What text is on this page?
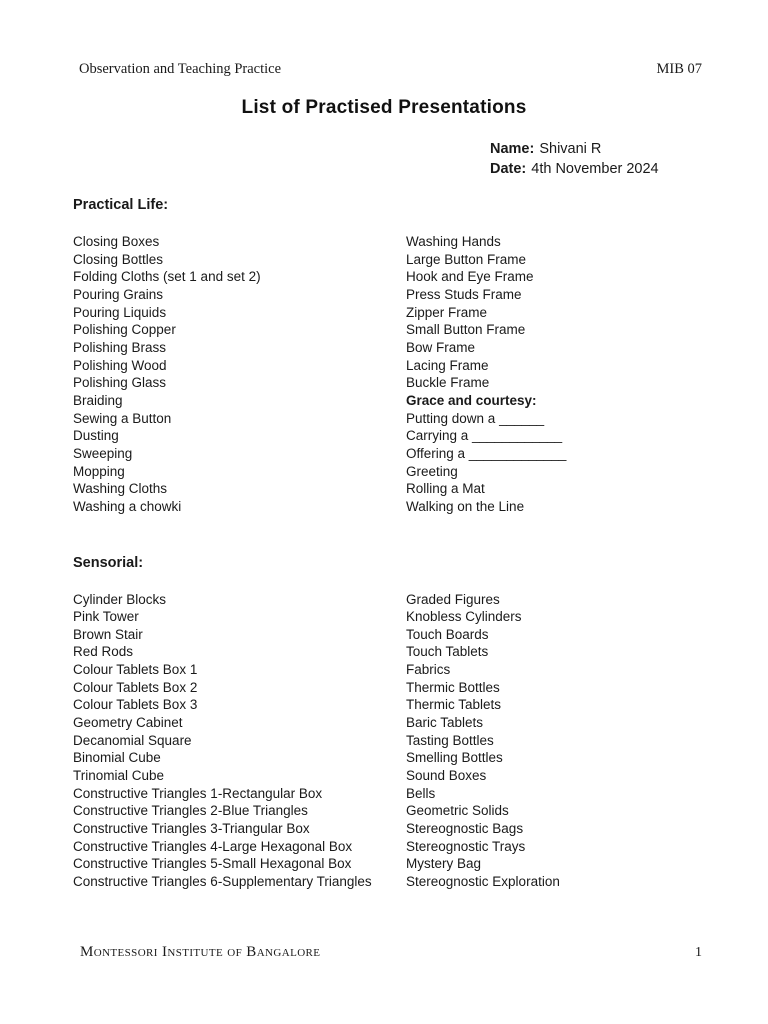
Observation and Teaching Practice	MIB 07
List of Practised Presentations
Name: Shivani R
Date: 4th November 2024
Practical Life:
Closing Boxes
Closing Bottles
Folding Cloths (set 1 and set 2)
Pouring Grains
Pouring Liquids
Polishing Copper
Polishing Brass
Polishing Wood
Polishing Glass
Braiding
Sewing a Button
Dusting
Sweeping
Mopping
Washing Cloths
Washing a chowki
Washing Hands
Large Button Frame
Hook and Eye Frame
Press Studs Frame
Zipper Frame
Small Button Frame
Bow Frame
Lacing Frame
Buckle Frame
Grace and courtesy:
Putting down a ______
Carrying a ____________
Offering a _____________
Greeting
Rolling a Mat
Walking on the Line
Sensorial:
Cylinder Blocks
Pink Tower
Brown Stair
Red Rods
Colour Tablets Box 1
Colour Tablets Box 2
Colour Tablets Box 3
Geometry Cabinet
Decanomial Square
Binomial Cube
Trinomial Cube
Constructive Triangles 1-Rectangular Box
Constructive Triangles 2-Blue Triangles
Constructive Triangles 3-Triangular Box
Constructive Triangles 4-Large Hexagonal Box
Constructive Triangles 5-Small Hexagonal Box
Constructive Triangles 6-Supplementary Triangles
Graded Figures
Knobless Cylinders
Touch Boards
Touch Tablets
Fabrics
Thermic Bottles
Thermic Tablets
Baric Tablets
Tasting Bottles
Smelling Bottles
Sound Boxes
Bells
Geometric Solids
Stereognostic Bags
Stereognostic Trays
Mystery Bag
Stereognostic Exploration
Montessori Institute of Bangalore	1
